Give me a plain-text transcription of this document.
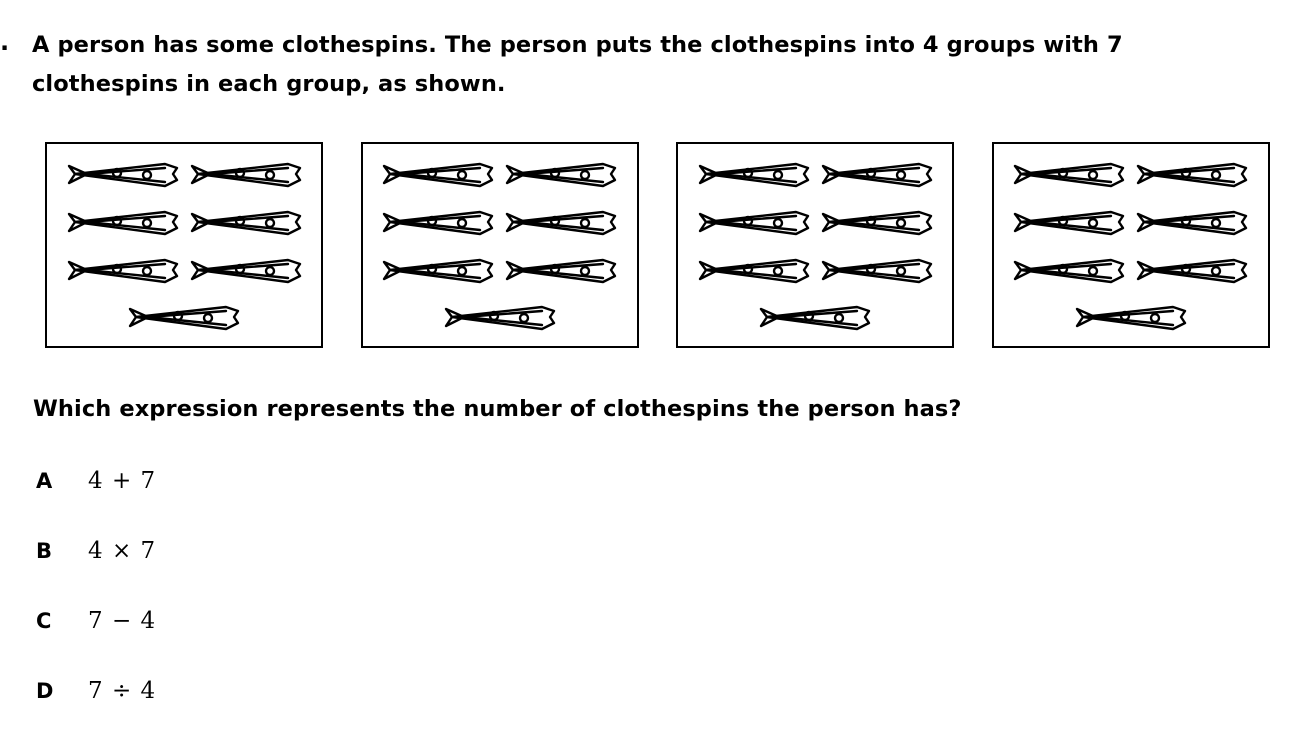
. A person has some clothespins. The person puts the clothespins into 4 groups with 7 clothespins in each group, as shown.
Which expression represents the number of clothespins the person has?
A	4 + 7
B	4 × 7
C	7 − 4
D	7 ÷ 4
